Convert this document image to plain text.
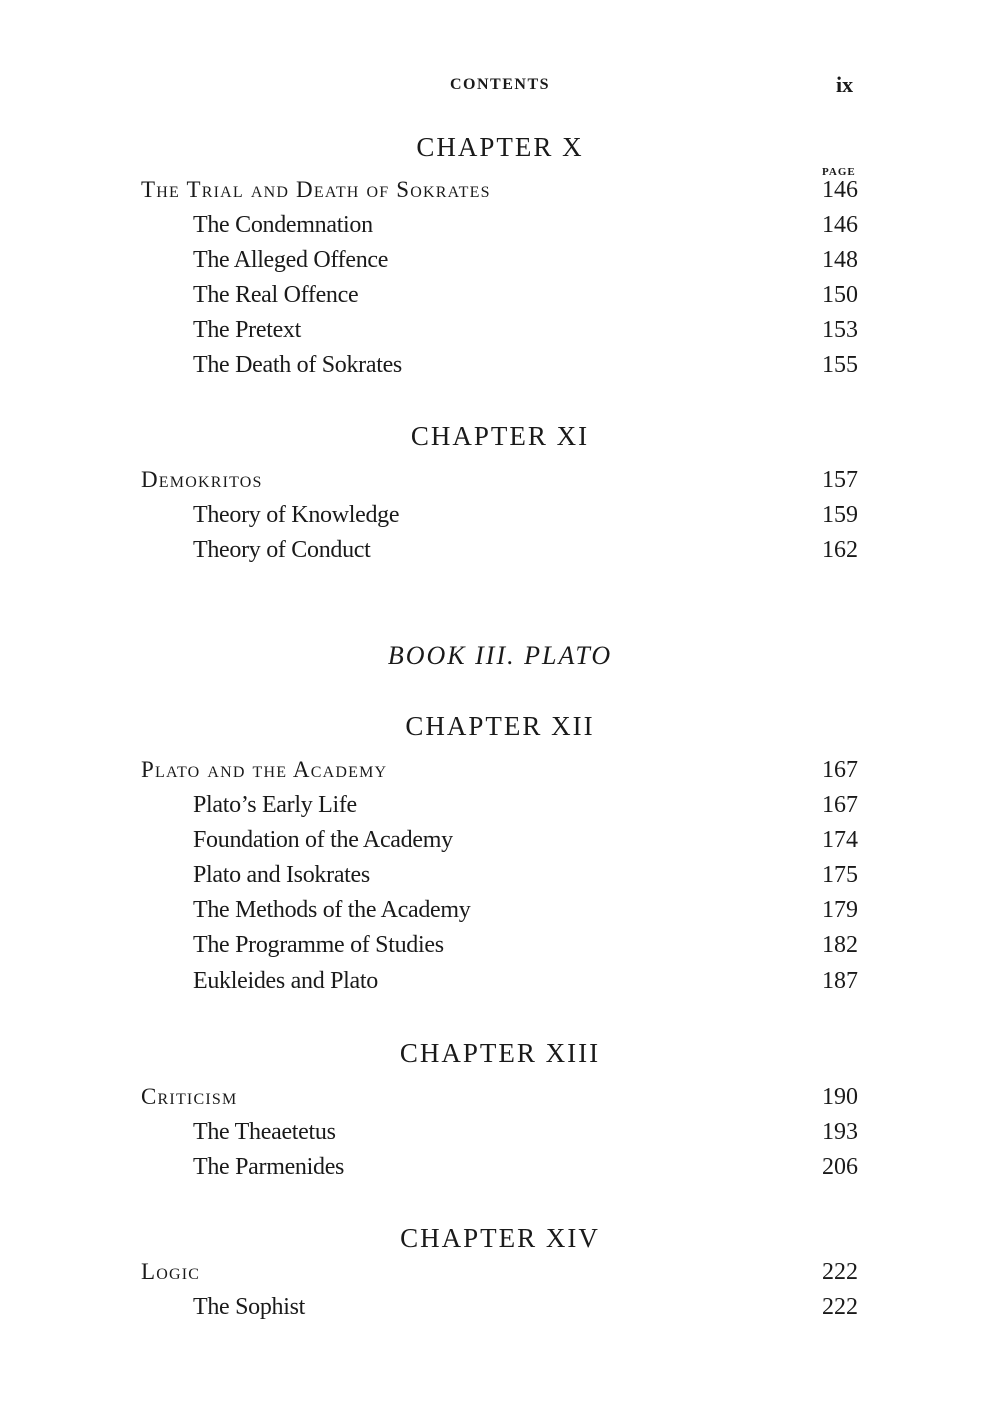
CONTENTS	ix
CHAPTER X
PAGE
The Trial and Death of Sokrates	146
The Condemnation	146
The Alleged Offence	148
The Real Offence	150
The Pretext	153
The Death of Sokrates	155
CHAPTER XI
Demokritos	157
Theory of Knowledge	159
Theory of Conduct	162
BOOK III. PLATO
CHAPTER XII
Plato and the Academy	167
Plato’s Early Life	167
Foundation of the Academy	174
Plato and Isokrates	175
The Methods of the Academy	179
The Programme of Studies	182
Eukleides and Plato	187
CHAPTER XIII
Criticism	190
The Theaetetus	193
The Parmenides	206
CHAPTER XIV
Logic	222
The Sophist	222
